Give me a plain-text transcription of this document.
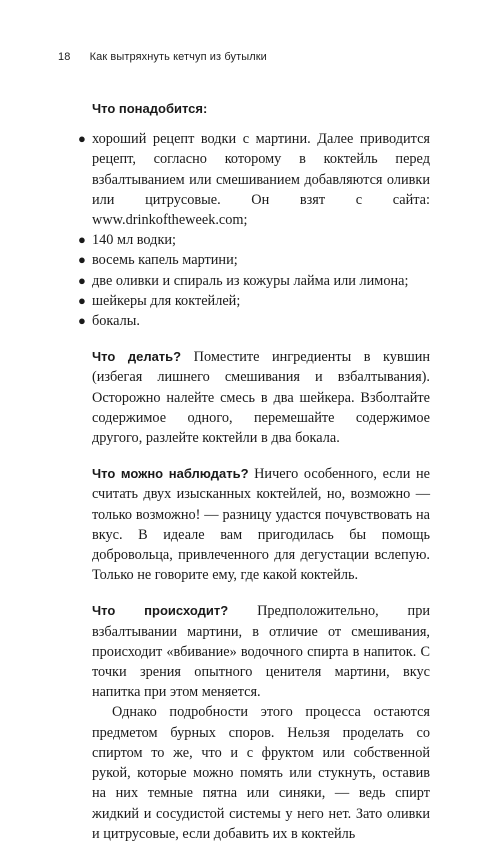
18 Как вытряхнуть кетчуп из бутылки

Что понадобится:

● хороший рецепт водки с мартини. Далее приводится рецепт, согласно которому в коктейль перед взбалтыванием или смешиванием добавляются оливки или цитрусовые. Он взят с сайта: www.drinkoftheweek.com;
● 140 мл водки;
● восемь капель мартини;
● две оливки и спираль из кожуры лайма или лимона;
● шейкеры для коктейлей;
● бокалы.

Что делать? Поместите ингредиенты в кувшин (избегая лишнего смешивания и взбалтывания). Осторожно налейте смесь в два шейкера. Взболтайте содержимое одного, перемешайте содержимое другого, разлейте коктейли в два бокала.

Что можно наблюдать? Ничего особенного, если не считать двух изысканных коктейлей, но, возможно — только возможно! — разницу удастся почувствовать на вкус. В идеале вам пригодилась бы помощь добровольца, привлеченного для дегустации вслепую. Только не говорите ему, где какой коктейль.

Что происходит? Предположительно, при взбалтывании мартини, в отличие от смешивания, происходит «вбивание» водочного спирта в напиток. С точки зрения опытного ценителя мартини, вкус напитка при этом меняется.

Однако подробности этого процесса остаются предметом бурных споров. Нельзя проделать со спиртом то же, что и с фруктом или собственной рукой, которые можно помять или стукнуть, оставив на них темные пятна или синяки, — ведь спирт жидкий и сосудистой системы у него нет. Зато оливки и цитрусовые, если добавить их в коктейль
